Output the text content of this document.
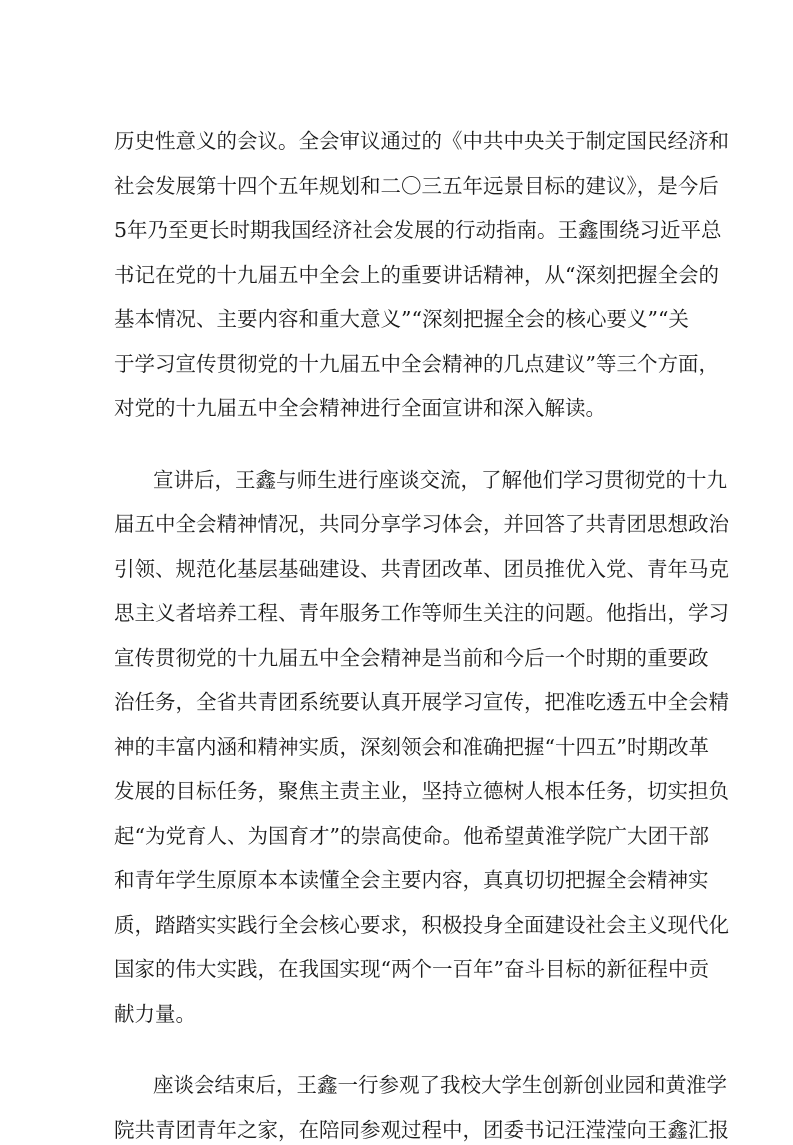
历史性意义的会议。全会审议通过的《中共中央关于制定国民经济和
社会发展第十四个五年规划和二〇三五年远景目标的建议》，是今后
5年乃至更长时期我国经济社会发展的行动指南。王鑫围绕习近平总
书记在党的十九届五中全会上的重要讲话精神，从“深刻把握全会的
基本情况、主要内容和重大意义”“深刻把握全会的核心要义”“关
于学习宣传贯彻党的十九届五中全会精神的几点建议”等三个方面，
对党的十九届五中全会精神进行全面宣讲和深入解读。
宣讲后，王鑫与师生进行座谈交流，了解他们学习贯彻党的十九
届五中全会精神情况，共同分享学习体会，并回答了共青团思想政治
引领、规范化基层基础建设、共青团改革、团员推优入党、青年马克
思主义者培养工程、青年服务工作等师生关注的问题。他指出，学习
宣传贯彻党的十九届五中全会精神是当前和今后一个时期的重要政
治任务，全省共青团系统要认真开展学习宣传，把准吃透五中全会精
神的丰富内涵和精神实质，深刻领会和准确把握“十四五”时期改革
发展的目标任务，聚焦主责主业，坚持立德树人根本任务，切实担负
起“为党育人、为国育才”的崇高使命。他希望黄淮学院广大团干部
和青年学生原原本本读懂全会主要内容，真真切切把握全会精神实
质，踏踏实实践行全会核心要求，积极投身全面建设社会主义现代化
国家的伟大实践，在我国实现“两个一百年”奋斗目标的新征程中贡
献力量。
座谈会结束后，王鑫一行参观了我校大学生创新创业园和黄淮学
院共青团青年之家，在陪同参观过程中，团委书记汪滢滢向王鑫汇报
